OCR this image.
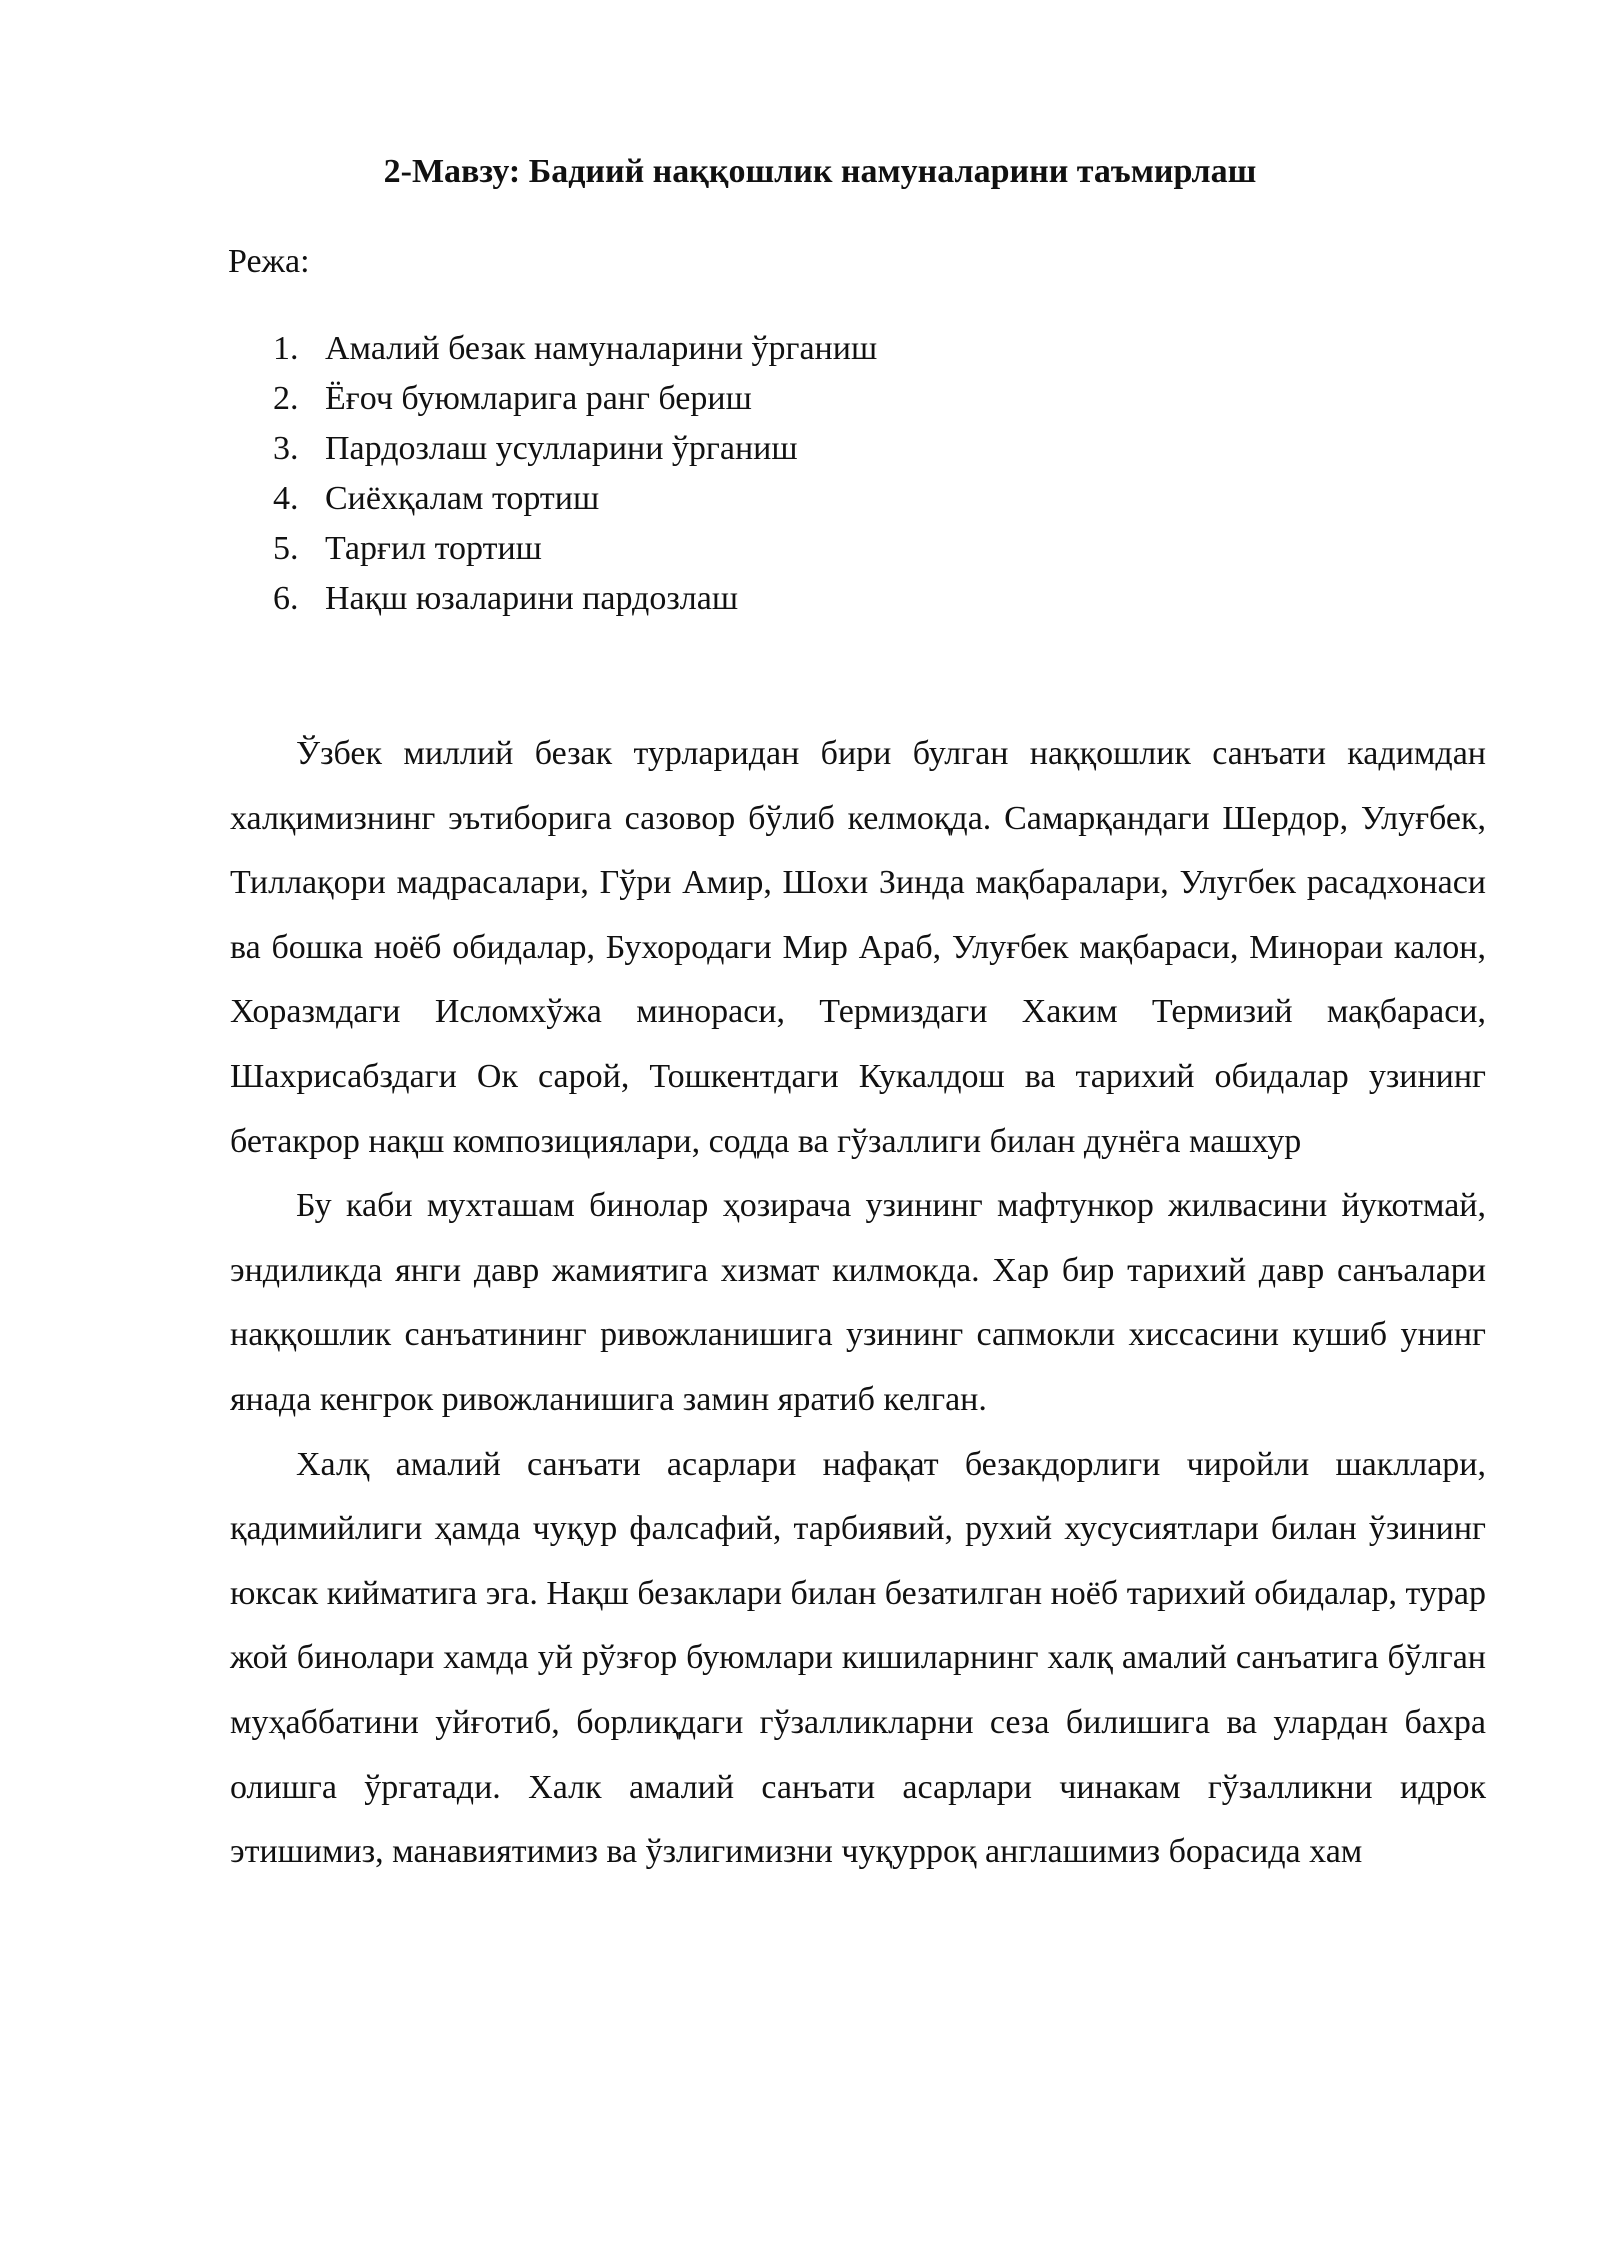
2-Мавзу: Бадиий наққошлик намуналарини таъмирлаш
Режа:
1. Амалий безак намуналарини ўрганиш
2. Ёғоч буюмларига ранг бериш
3. Пардозлаш усулларини ўрганиш
4. Сиёхқалам тортиш
5. Тарғил тортиш
6. Нақш юзаларини пардозлаш

Ўзбек миллий безак турларидан бири булган наққошлик санъати кадимдан халқимизнинг эътиборига сазовор бўлиб келмоқда. Самарқандаги Шердор, Улуғбек, Тиллақори мадрасалари, Гўри Амир, Шохи Зинда мақбаралари, Улугбек расадхонаси ва бошка ноёб обидалар, Бухородаги Мир Араб, Улуғбек мақбараси, Минораи калон, Хоразмдаги Исломхўжа минораси, Термиздаги Хаким Термизий мақбараси, Шахрисабздаги Ок сарой, Тошкентдаги Кукалдош ва тарихий обидалар узининг бетакрор нақш композициялари, содда ва гўзаллиги билан дунёга машхур

Бу каби мухташам бинолар ҳозирача узининг мафтункор жилвасини йукотмай, эндиликда янги давр жамиятига хизмат килмокда. Хар бир тарихий давр санъалари наққошлик санъатининг ривожланишига узининг сапмокли хиссасини кушиб унинг янада кенгрок ривожланишига замин яратиб келган.

Халқ амалий санъати асарлари нафақат безакдорлиги чиройли шакллари, қадимийлиги ҳамда чуқур фалсафий, тарбиявий, рухий хусусиятлари билан ўзининг юксак кийматига эга. Нақш безаклари билан безатилган ноёб тарихий обидалар, турар жой бинолари хамда уй рўзғор буюмлари кишиларнинг халқ амалий санъатига бўлган муҳаббатини уйғотиб, борлиқдаги гўзалликларни сеза билишига ва улардан бахра олишга ўргатади. Халк амалий санъати асарлари чинакам гўзалликни идрок этишимиз, манавиятимиз ва ўзлигимизни чуқурроқ англашимиз борасида хам
